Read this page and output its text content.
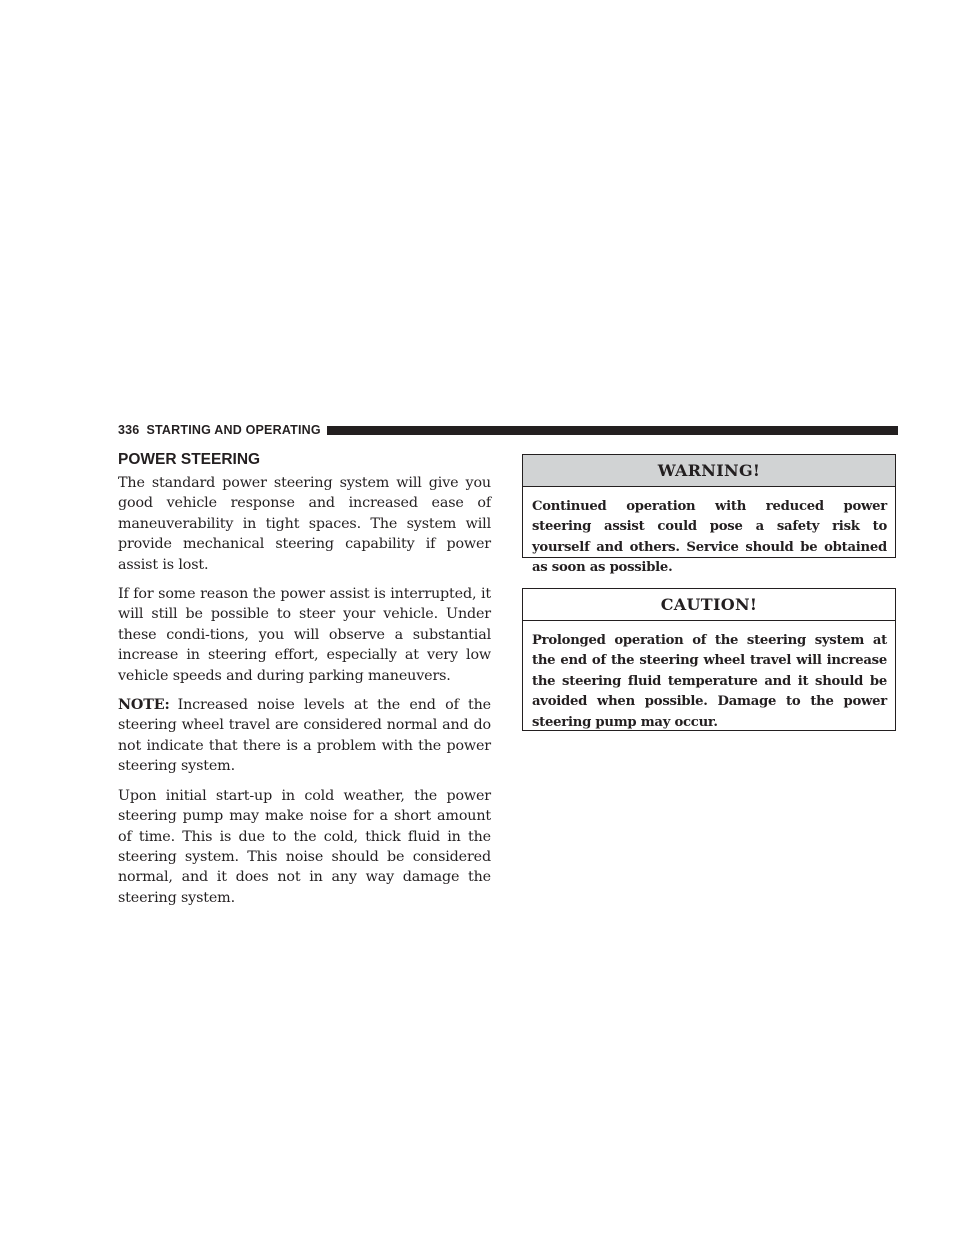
336 STARTING AND OPERATING
POWER STEERING

The standard power steering system will give you good vehicle response and increased ease of maneuverability in tight spaces. The system will provide mechanical steering capability if power assist is lost.

If for some reason the power assist is interrupted, it will still be possible to steer your vehicle. Under these condi-tions, you will observe a substantial increase in steering effort, especially at very low vehicle speeds and during parking maneuvers.

NOTE: Increased noise levels at the end of the steering wheel travel are considered normal and do not indicate that there is a problem with the power steering system.

Upon initial start-up in cold weather, the power steering pump may make noise for a short amount of time. This is due to the cold, thick fluid in the steering system. This noise should be considered normal, and it does not in any way damage the steering system.

WARNING!
Continued operation with reduced power steering assist could pose a safety risk to yourself and others. Service should be obtained as soon as possible.
CAUTION!
Prolonged operation of the steering system at the end of the steering wheel travel will increase the steering fluid temperature and it should be avoided when possible. Damage to the power steering pump may occur.
